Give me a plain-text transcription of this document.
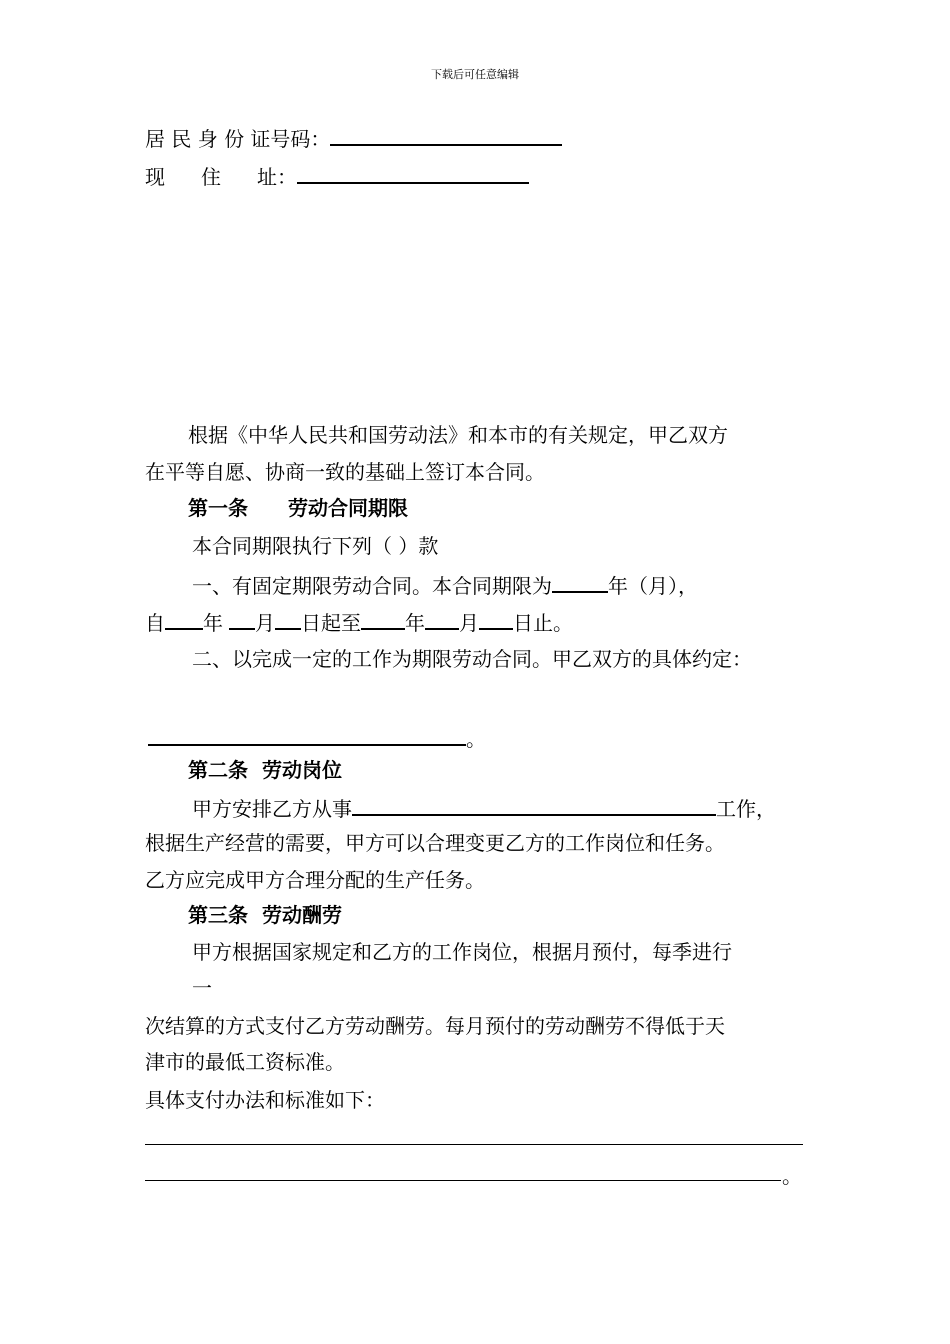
下载后可任意编辑
居 民 身 份 证号码：
现 住 址：
根据《中华人民共和国劳动法》和本市的有关规定，甲乙双方
在平等自愿、协商一致的基础上签订本合同。
第一条 劳动合同期限
本合同期限执行下列（ ）款
一、有固定期限劳动合同。本合同期限为	年（月），
自 年 月 日起至 年 月 日止。
二、以完成一定的工作为期限劳动合同。甲乙双方的具体约定：
。
第二条 劳动岗位
甲方安排乙方从事	工作，
根据生产经营的需要，甲方可以合理变更乙方的工作岗位和任务。
乙方应完成甲方合理分配的生产任务。
第三条 劳动酬劳
甲方根据国家规定和乙方的工作岗位，根据月预付，每季进行
一
次结算的方式支付乙方劳动酬劳。每月预付的劳动酬劳不得低于天
津市的最低工资标准。
具体支付办法和标准如下：
。
